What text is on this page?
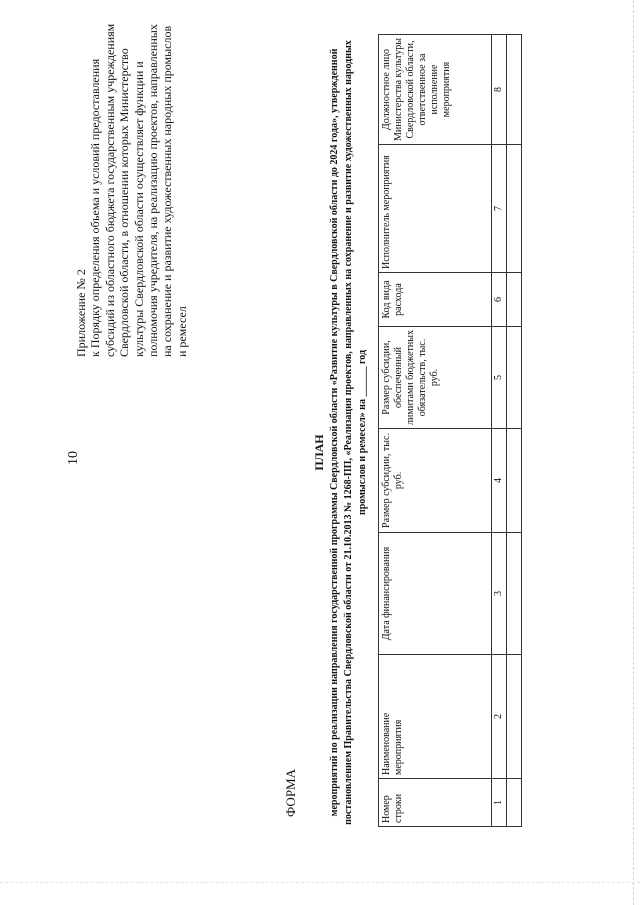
10
Приложение № 2 к Порядку определения объема и условий предоставления субсидий из областного бюджета государственным учреждениям Свердловской области, в отношении которых Министерство культуры Свердловской области осуществляет функции и полномочия учредителя, на реализацию проектов, направленных на сохранение и развитие художественных народных промыслов и ремесел
ФОРМА
ПЛАН мероприятий по реализации направления государственной программы Свердловской области «Развитие культуры в Свердловской области до 2024 года», утвержденной постановлением Правительства Свердловской области от 21.10.2013 № 1268-ПП, «Реализация проектов, направленных на сохранение и развитие художественных народных промыслов и ремесел» на ______ год
Номер строки	Наименование мероприятия	Дата финансирования	Размер субсидии, тыс. руб.	Размер субсидии, обеспеченный лимитами бюджетных обязательств, тыс. руб.	Код вида расхода	Исполнитель мероприятия	Должностное лицо Министерства культуры Свердловской области, ответственное за исполнение мероприятия
1	2	3	4	5	6	7	8
